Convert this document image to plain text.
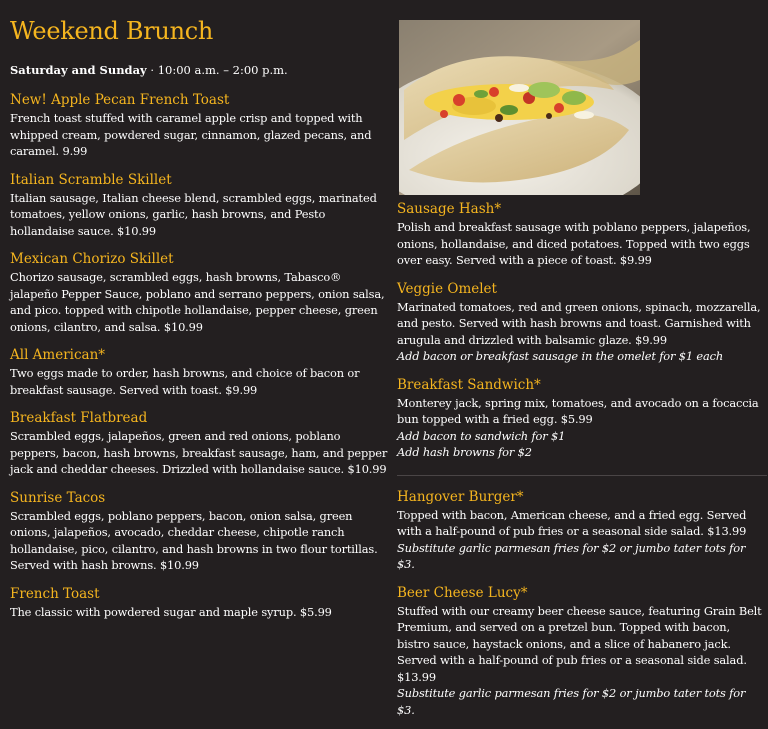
Weekend Brunch

Saturday and Sunday · 10:00 a.m. – 2:00 p.m.

New! Apple Pecan French Toast

French toast stuffed with caramel apple crisp and topped with whipped cream, powdered sugar, cinnamon, glazed pecans, and caramel. 9.99

Italian Scramble Skillet

Italian sausage, Italian cheese blend, scrambled eggs, marinated tomatoes, yellow onions, garlic, hash browns, and Pesto hollandaise sauce. $10.99

Mexican Chorizo Skillet

Chorizo sausage, scrambled eggs, hash browns, Tabasco® jalapeño Pepper Sauce, poblano and serrano peppers, onion salsa, and pico. topped with chipotle hollandaise, pepper cheese, green onions, cilantro, and salsa. $10.99

All American*

Two eggs made to order, hash browns, and choice of bacon or breakfast sausage. Served with toast. $9.99

Breakfast Flatbread

Scrambled eggs, jalapeños, green and red onions, poblano peppers, bacon, hash browns, breakfast sausage, ham, and pepper jack and cheddar cheeses. Drizzled with hollandaise sauce. $10.99

Sunrise Tacos

Scrambled eggs, poblano peppers, bacon, onion salsa, green onions, jalapeños, avocado, cheddar cheese, chipotle ranch hollandaise, pico, cilantro, and hash browns in two flour tortillas. Served with hash browns. $10.99

French Toast

The classic with powdered sugar and maple syrup. $5.99

Sausage Hash*

Polish and breakfast sausage with poblano peppers, jalapeños, onions, hollandaise, and diced potatoes. Topped with two eggs over easy. Served with a piece of toast. $9.99

Veggie Omelet

Marinated tomatoes, red and green onions, spinach, mozzarella, and pesto. Served with hash browns and toast. Garnished with arugula and drizzled with balsamic glaze. $9.99

Add bacon or breakfast sausage in the omelet for $1 each

Breakfast Sandwich*

Monterey jack, spring mix, tomatoes, and avocado on a focaccia bun topped with a fried egg. $5.99

Add bacon to sandwich for $1

Add hash browns for $2

Hangover Burger*

Topped with bacon, American cheese, and a fried egg. Served with a half-pound of pub fries or a seasonal side salad. $13.99

Substitute garlic parmesan fries for $2 or jumbo tater tots for $3.

Beer Cheese Lucy*

Stuffed with our creamy beer cheese sauce, featuring Grain Belt Premium, and served on a pretzel bun. Topped with bacon, bistro sauce, haystack onions, and a slice of habanero jack. Served with a half-pound of pub fries or a seasonal side salad. $13.99

Substitute garlic parmesan fries for $2 or jumbo tater tots for $3.
